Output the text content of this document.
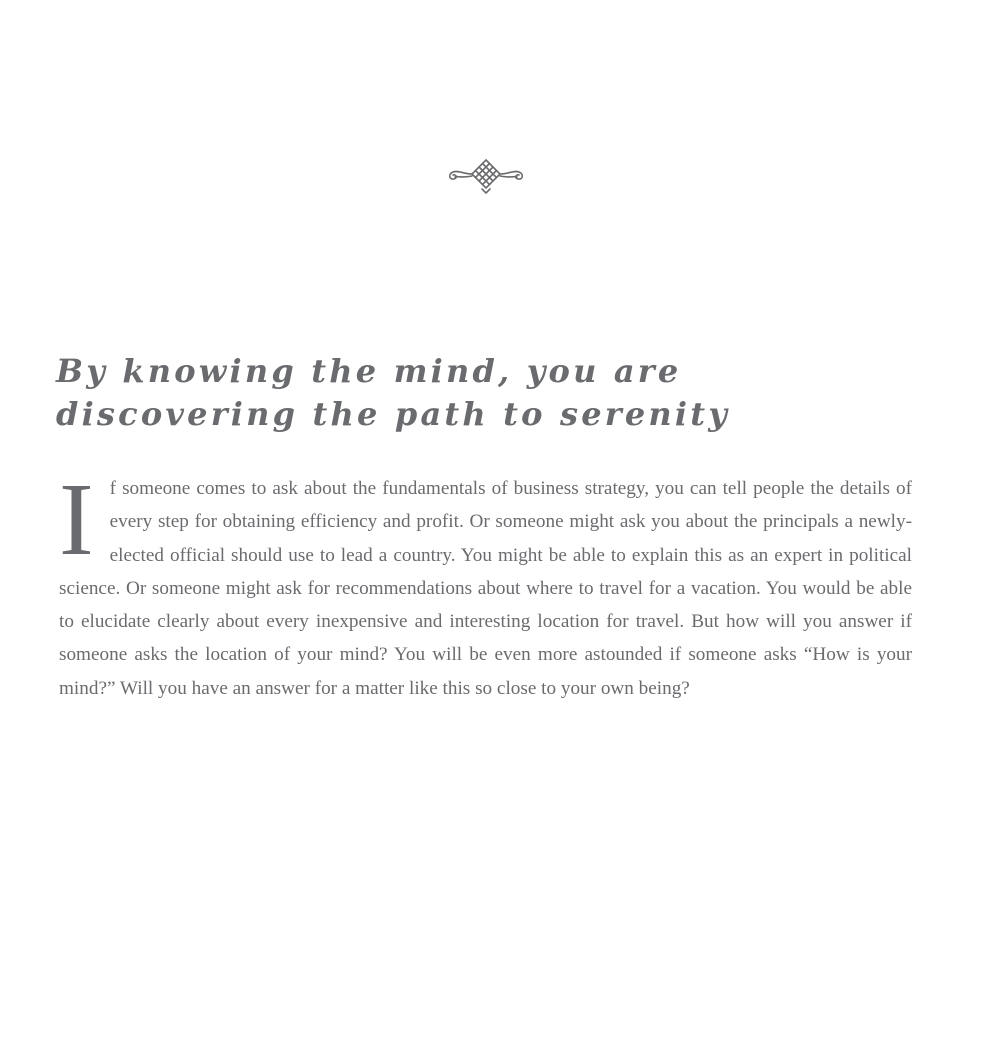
By knowing the mind, you are discovering the path to serenity

If someone comes to ask about the fundamentals of business strategy, you can tell people the details of every step for obtaining efficiency and profit. Or someone might ask you about the principals a newly-elected official should use to lead a country. You might be able to explain this as an expert in political science. Or someone might ask for recommendations about where to travel for a vacation. You would be able to elucidate clearly about every inexpensive and interesting location for travel. But how will you answer if someone asks the location of your mind? You will be even more astounded if someone asks “How is your mind?” Will you have an answer for a matter like this so close to your own being?
